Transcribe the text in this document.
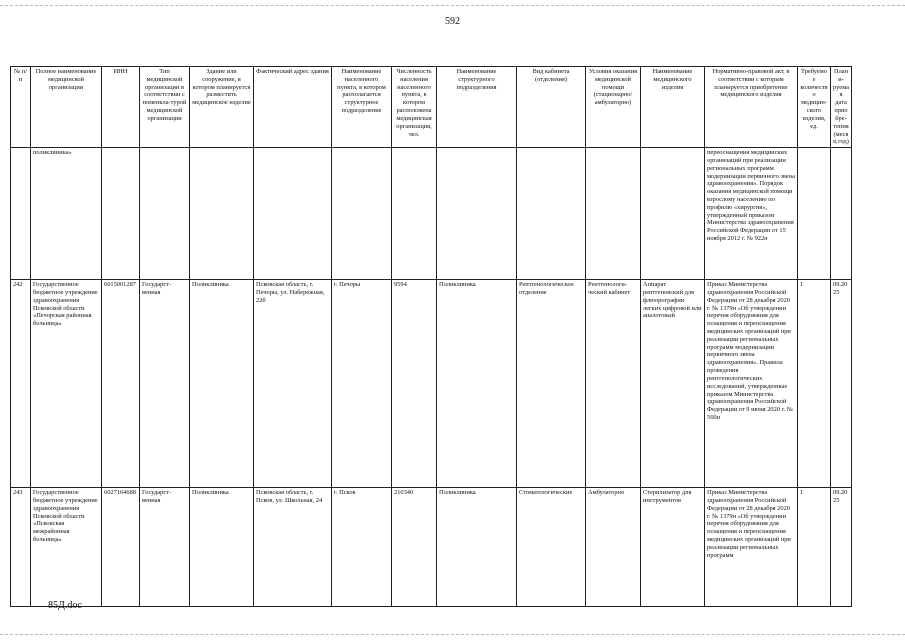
592
№ п/п	Полное наименование медицинской организации	ИНН	Тип медицинской организации в соответствии с номенкла-турой медицинской организации	Здание или сооружение, в котором планируется разместить медицинское изделие	Фактический адрес здания	Наименование населенного пункта, в котором располагается структурное подразделение	Численность населения населенного пункта, в котором расположена медицинская организация, чел.	Наименование структурного подразделения	Вид кабинета (отделения)	Условия оказания медицинской помощи (стационарно/ амбулаторно)	Наименование медицинского изделия	Нормативно-правовой акт, в соответствии с которым планируется приобретение медицинского изделия	Требуемое количество медицин-ского изделия, ед.	Плани-руемая дата приобре-тения (месяц год)
	поликлиника»											переоснащения медицинских организаций при реализации региональных программ модернизации первичного звена здравоохранения». Порядок оказания медицинской помощи взрослому населению по профилю «хирургия», утвержденный приказом Министерства здравоохранения Российской Федерации от 15 ноября 2012 г. № 922н		
242	Государственное бюджетное учреждение здравоохранения Псковской области «Печорская районная больница»	6015001287	Государст-венная	Поликлиника	Псковская область, г. Печоры, ул. Набережная, 22б	г. Печоры	9594	Поликлиника	Рентгенологическое отделение	Рентгенологи-ческий кабинет	Аппарат рентгеновский для флюорографии легких цифровой или аналоговый	Приказ Министерства здравоохранения Российской Федерации от 28 декабря 2020 г. № 1379н «Об утверждении перечня оборудования для оснащения и переоснащения медицинских организаций при реализации региональных программ модернизации первичного звена здравоохранения». Правила проведения рентгенологических исследований, утвержденные приказом Министерства здравоохранения Российской Федерации от 9 июня 2020 г. № 560н	1	09.2025
243	Государственное бюджетное учреждение здравоохранения Псковской области «Псковская межрайонная больница»	6027164688	Государст-венная	Поликлиника	Псковская область, г. Псков, ул. Школьная, 24	г. Псков	210340	Поликлиника	Стоматологические	Амбулаторно	Стерилизатор для инструментов	Приказ Министерства здравоохранения Российской Федерации от 28 декабря 2020 г. № 1379н «Об утверждении перечня оборудования для оснащения и переоснащения медицинских организаций при реализации региональных программ	1	09.2025
85Д.doc
